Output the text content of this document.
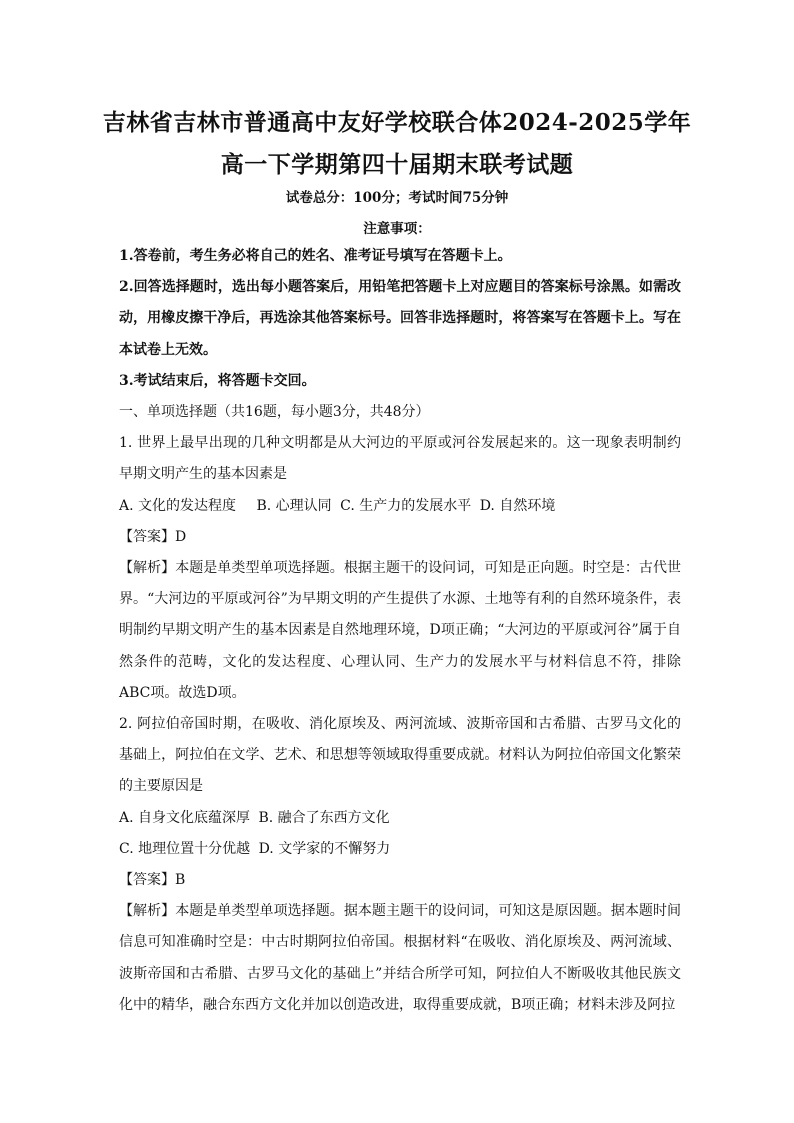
吉林省吉林市普通高中友好学校联合体2024-2025学年
高一下学期第四十届期末联考试题
试卷总分：100分；考试时间75分钟
注意事项：

1.答卷前，考生务必将自己的姓名、准考证号填写在答题卡上。

2.回答选择题时，选出每小题答案后，用铅笔把答题卡上对应题目的答案标号涂黑。如需改动，用橡皮擦干净后，再选涂其他答案标号。回答非选择题时，将答案写在答题卡上。写在本试卷上无效。

3.考试结束后，将答题卡交回。

一、单项选择题（共16题，每小题3分，共48分）

1. 世界上最早出现的几种文明都是从大河边的平原或河谷发展起来的。这一现象表明制约早期文明产生的基本因素是

A. 文化的发达程度 B. 心理认同 C. 生产力的发展水平 D. 自然环境

【答案】D

【解析】本题是单类型单项选择题。根据主题干的设问词，可知是正向题。时空是：古代世界。“大河边的平原或河谷”为早期文明的产生提供了水源、土地等有利的自然环境条件，表明制约早期文明产生的基本因素是自然地理环境，D项正确；“大河边的平原或河谷”属于自然条件的范畴，文化的发达程度、心理认同、生产力的发展水平与材料信息不符，排除ABC项。故选D项。

2. 阿拉伯帝国时期，在吸收、消化原埃及、两河流域、波斯帝国和古希腊、古罗马文化的基础上，阿拉伯在文学、艺术、和思想等领域取得重要成就。材料认为阿拉伯帝国文化繁荣的主要原因是

A. 自身文化底蕴深厚 B. 融合了东西方文化

C. 地理位置十分优越 D. 文学家的不懈努力

【答案】B

【解析】本题是单类型单项选择题。据本题主题干的设问词，可知这是原因题。据本题时间信息可知准确时空是：中古时期阿拉伯帝国。根据材料“在吸收、消化原埃及、两河流域、波斯帝国和古希腊、古罗马文化的基础上”并结合所学可知，阿拉伯人不断吸收其他民族文化中的精华，融合东西方文化并加以创造改进，取得重要成就，B项正确；材料未涉及阿拉
